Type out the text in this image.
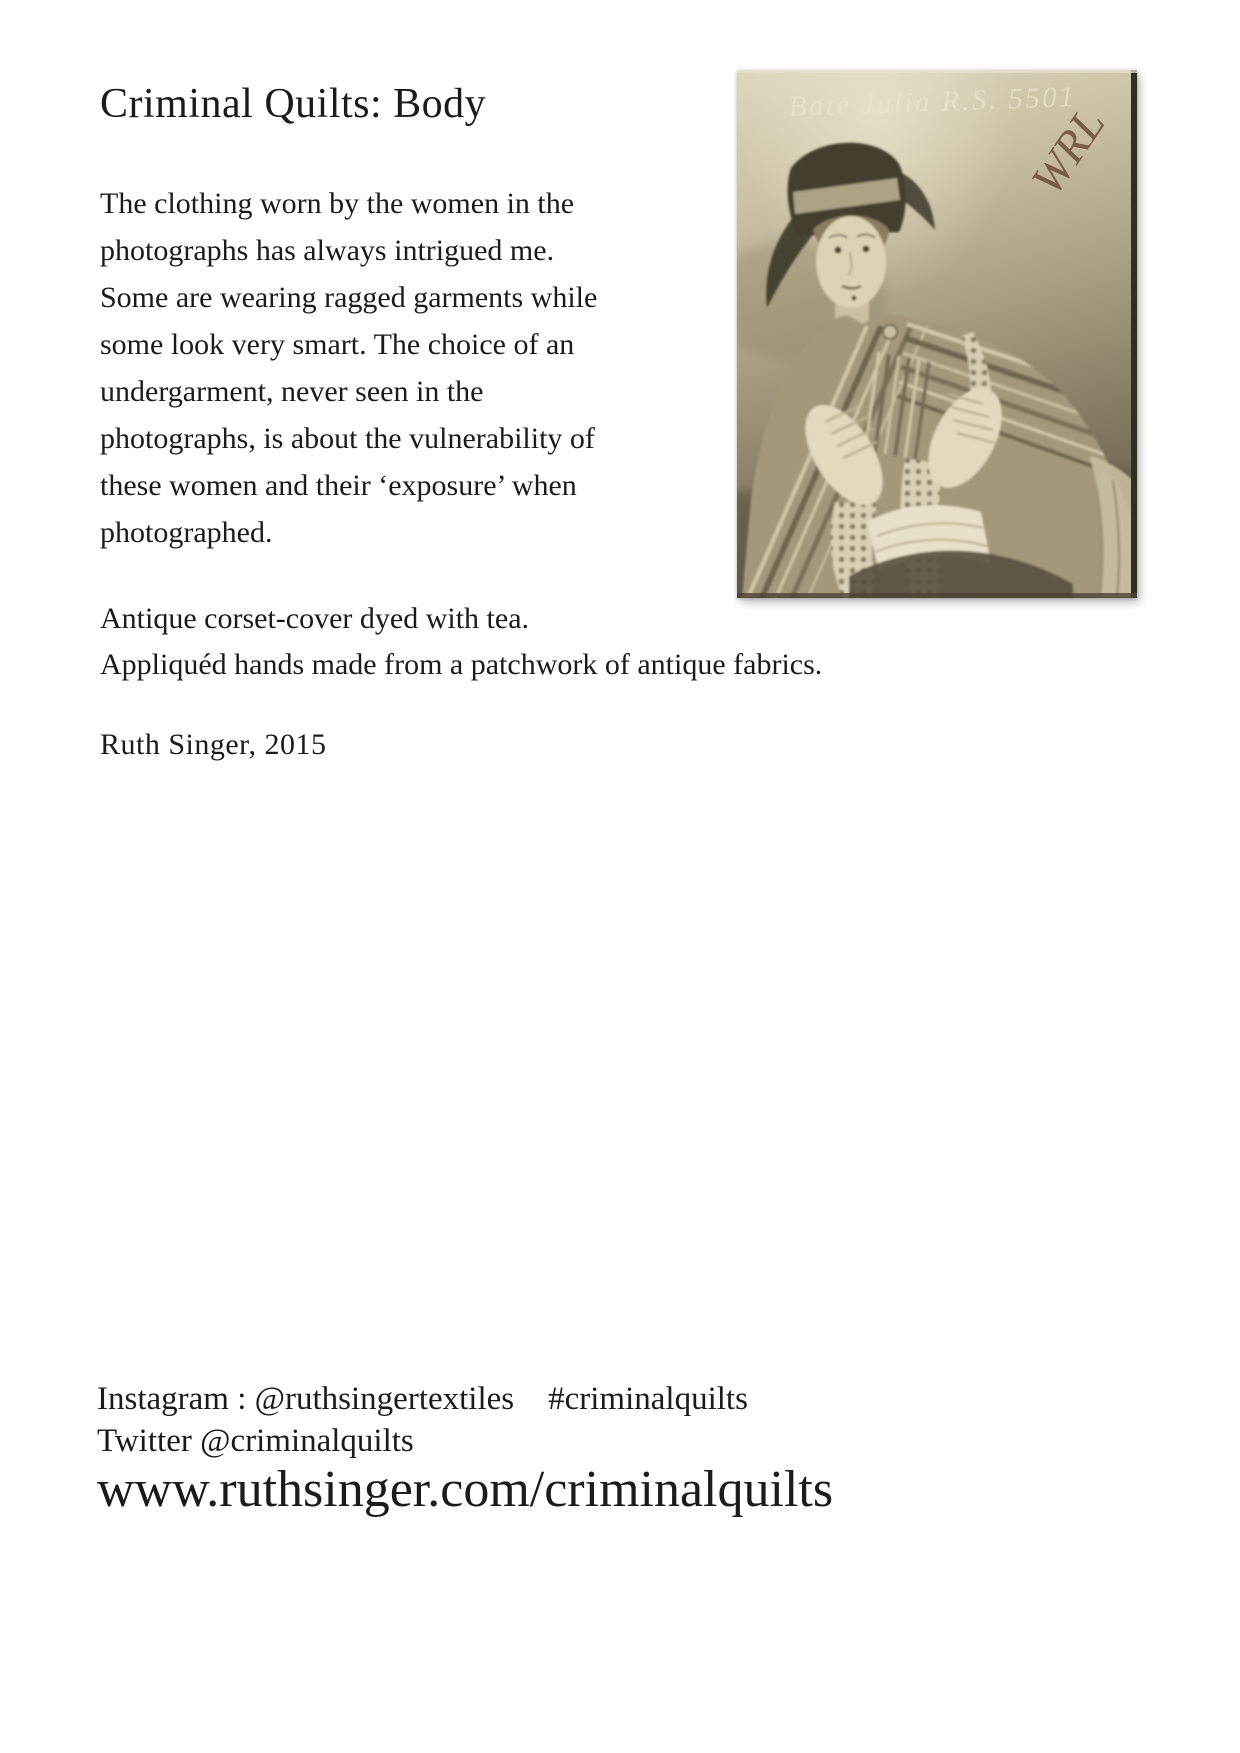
Criminal Quilts: Body
The clothing worn by the women in the
photographs has always intrigued me.
Some are wearing ragged garments while
some look very smart. The choice of an
undergarment, never seen in the
photographs, is about the vulnerability of
these women and their ‘exposure’ when
photographed.
Antique corset-cover dyed with tea.
Appliquéd hands made from a patchwork of antique fabrics.
Ruth Singer, 2015
Bate Julia R.S. 5501
WRL
Instagram : @ruthsingertextiles #criminalquilts
Twitter @criminalquilts
www.ruthsinger.com/criminalquilts
